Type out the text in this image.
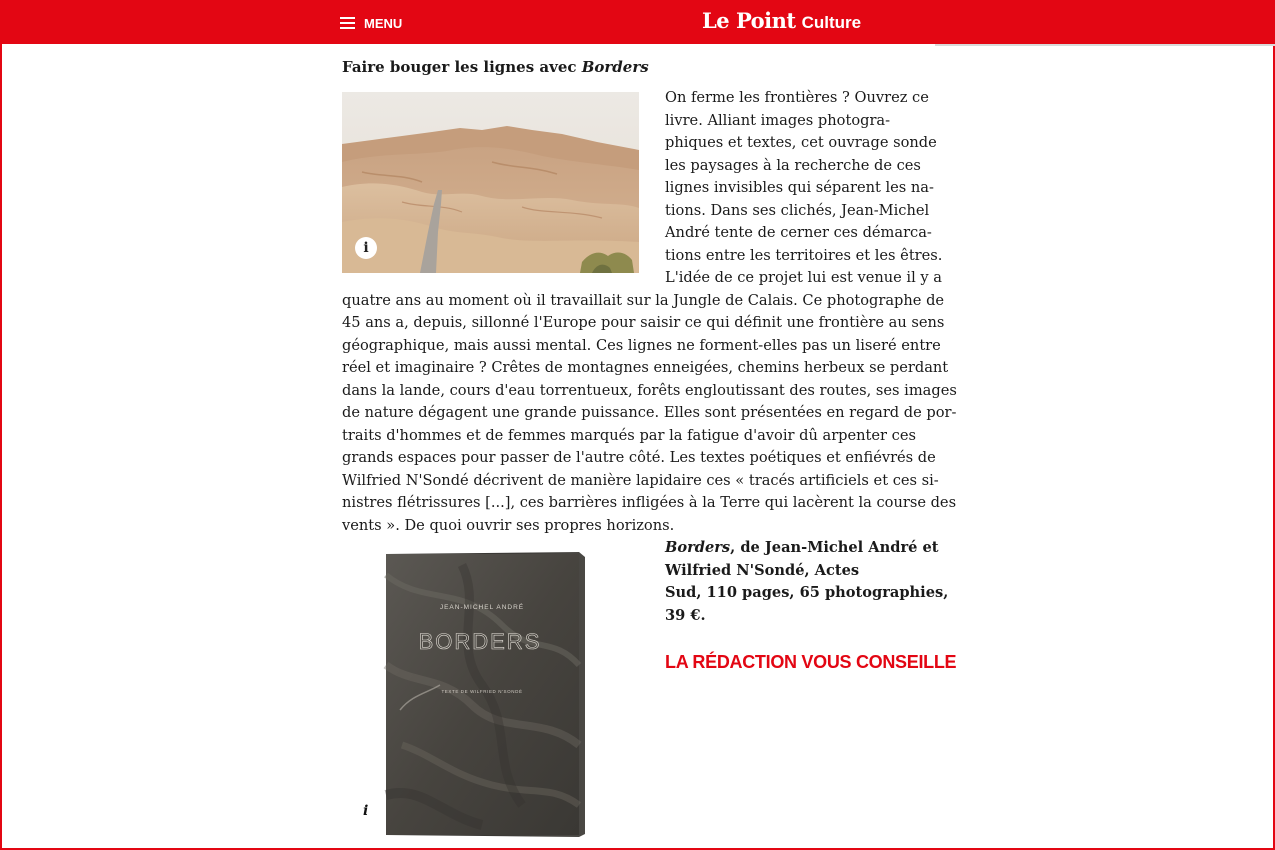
MENU	Le Point Culture
Faire bouger les lignes avec Borders
i
On ferme les frontières ? Ouvrez ce
livre. Alliant images photogra-
phiques et textes, cet ouvrage sonde
les paysages à la recherche de ces
lignes invisibles qui séparent les na-
tions. Dans ses clichés, Jean-Michel
André tente de cerner ces démarca-
tions entre les territoires et les êtres.
L'idée de ce projet lui est venue il y a
quatre ans au moment où il travaillait sur la Jungle de Calais. Ce photographe de
45 ans a, depuis, sillonné l'Europe pour saisir ce qui définit une frontière au sens
géographique, mais aussi mental. Ces lignes ne forment-elles pas un liseré entre
réel et imaginaire ? Crêtes de montagnes enneigées, chemins herbeux se perdant
dans la lande, cours d'eau torrentueux, forêts engloutissant des routes, ses images
de nature dégagent une grande puissance. Elles sont présentées en regard de por-
traits d'hommes et de femmes marqués par la fatigue d'avoir dû arpenter ces
grands espaces pour passer de l'autre côté. Les textes poétiques et enfiévrés de
Wilfried N'Sondé décrivent de manière lapidaire ces « tracés artificiels et ces si-
nistres flétrissures [...], ces barrières infligées à la Terre qui lacèrent la course des
vents ». De quoi ouvrir ses propres horizons.
JEAN-MICHEL ANDRÉ
BORDERS
TEXTE DE WILFRIED N'SONDÉ
i
Borders, de Jean-Michel André et
Wilfried N'Sondé, Actes
Sud, 110 pages, 65 photographies,
39 €.
LA RÉDACTION VOUS CONSEILLE
